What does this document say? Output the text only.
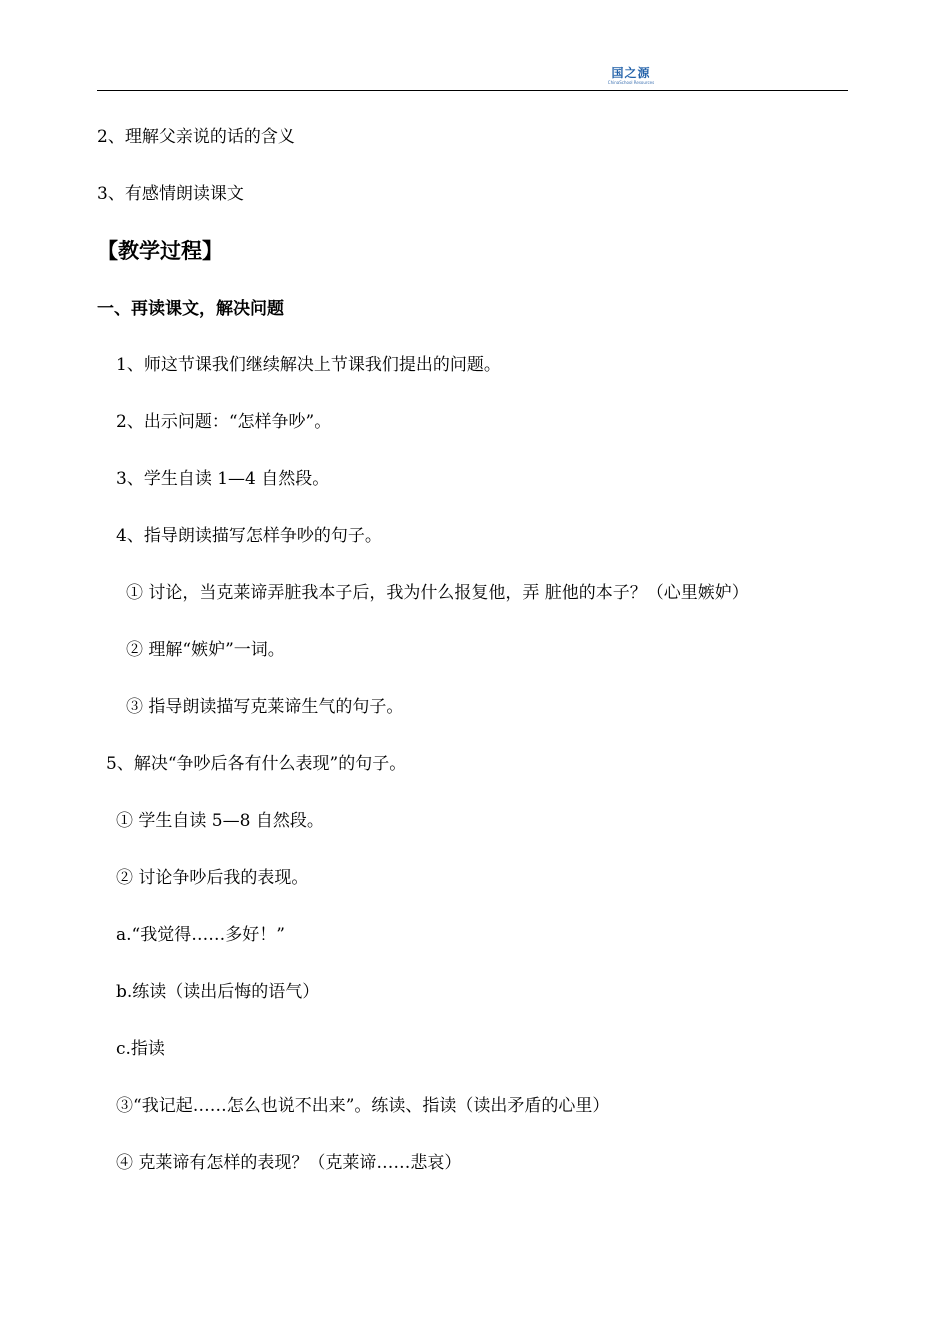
国之源
ChinaSchool Resources
2、理解父亲说的话的含义
3、有感情朗读课文
【教学过程】
一、再读课文，解决问题
1、师这节课我们继续解决上节课我们提出的问题。
2、出示问题：“怎样争吵”。
3、学生自读 1—4 自然段。
4、指导朗读描写怎样争吵的句子。
① 讨论，当克莱谛弄脏我本子后，我为什么报复他，弄 脏他的本子？（心里嫉妒）
② 理解“嫉妒”一词。
③ 指导朗读描写克莱谛生气的句子。
5、解决“争吵后各有什么表现”的句子。
① 学生自读 5—8 自然段。
② 讨论争吵后我的表现。
a.“我觉得……多好！”
b.练读（读出后悔的语气）
c.指读
③“我记起……怎么也说不出来”。练读、指读（读出矛盾的心里）
④ 克莱谛有怎样的表现？（克莱谛……悲哀）
